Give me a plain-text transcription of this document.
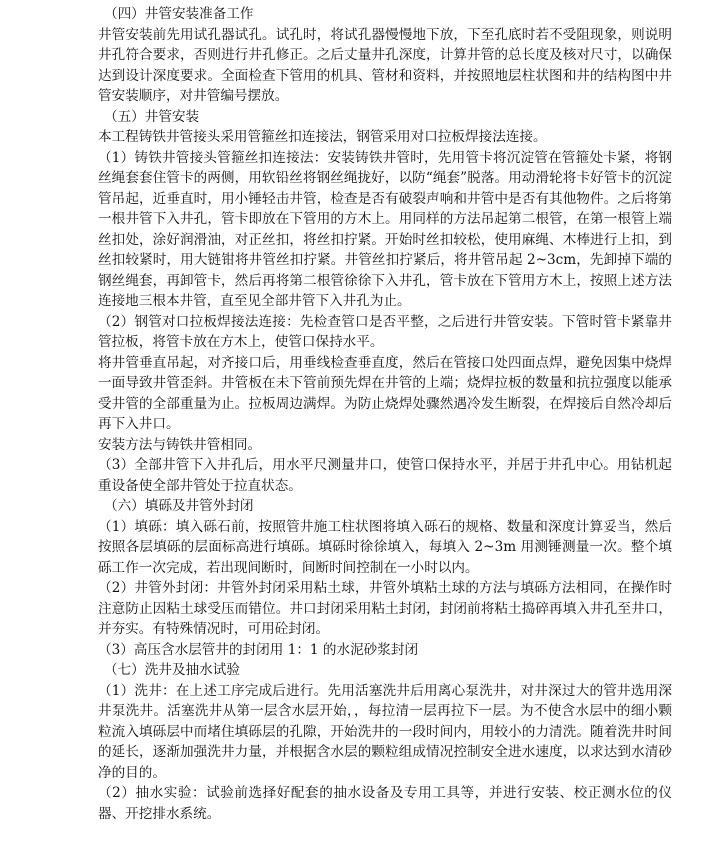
（四）井管安装准备工作

井管安装前先用试孔器试孔。试孔时，将试孔器慢慢地下放，下至孔底时若不受阻现象，则说明井孔符合要求，否则进行井孔修正。之后丈量井孔深度，计算井管的总长度及核对尺寸，以确保达到设计深度要求。全面检查下管用的机具、管材和资料，并按照地层柱状图和井的结构图中井管安装顺序，对井管编号摆放。

（五）井管安装

本工程铸铁井管接头采用管箍丝扣连接法，钢管采用对口拉板焊接法连接。

（1）铸铁井管接头管箍丝扣连接法：安装铸铁井管时，先用管卡将沉淀管在管箍处卡紧，将钢丝绳套套住管卡的两侧，用软铅丝将钢丝绳拢好，以防“绳套”脱落。用动滑轮将卡好管卡的沉淀管吊起，近垂直时，用小锤轻击井管，检查是否有破裂声响和井管中是否有其他物件。之后将第一根井管下入井孔，管卡即放在下管用的方木上。用同样的方法吊起第二根管，在第一根管上端丝扣处，涂好润滑油，对正丝扣，将丝扣拧紧。开始时丝扣较松，使用麻绳、木棒进行上扣，到丝扣较紧时，用大链钳将井管丝扣拧紧。井管丝扣拧紧后，将井管吊起 2~3cm，先卸掉下端的钢丝绳套，再卸管卡，然后再将第二根管徐徐下入井孔，管卡放在下管用方木上，按照上述方法连接地三根本井管，直至见全部井管下入井孔为止。

（2）钢管对口拉板焊接法连接：先检查管口是否平整，之后进行井管安装。下管时管卡紧靠井管拉板，将管卡放在方木上，使管口保持水平。

将井管垂直吊起，对齐接口后，用垂线检查垂直度，然后在管接口处四面点焊，避免因集中烧焊一面导致井管歪斜。井管板在未下管前预先焊在井管的上端；烧焊拉板的数量和抗拉强度以能承受井管的全部重量为止。拉板周边满焊。为防止烧焊处骤然遇冷发生断裂，在焊接后自然冷却后再下入井口。

安装方法与铸铁井管相同。

（3）全部井管下入井孔后，用水平尺测量井口，使管口保持水平，并居于井孔中心。用钻机起重设备使全部井管处于拉直状态。

（六）填砾及井管外封闭

（1）填砾：填入砾石前，按照管井施工柱状图将填入砾石的规格、数量和深度计算妥当，然后按照各层填砾的层面标高进行填砾。填砾时徐徐填入，每填入 2~3m 用测锤测量一次。整个填砾工作一次完成，若出现间断时，间断时间控制在一小时以内。

（2）井管外封闭：井管外封闭采用粘土球，井管外填粘土球的方法与填砾方法相同，在操作时注意防止因粘土球受压而错位。井口封闭采用粘土封闭，封闭前将粘土捣碎再填入井孔至井口，并夯实。有特殊情况时，可用砼封闭。

（3）高压含水层管井的封闭用 1：1 的水泥砂浆封闭

（七）洗井及抽水试验

（1）洗井：在上述工序完成后进行。先用活塞洗井后用离心泵洗井，对井深过大的管井选用深井泵洗井。活塞洗井从第一层含水层开始，，每拉清一层再拉下一层。为不使含水层中的细小颗粒流入填砾层中而堵住填砾层的孔隙，开始洗井的一段时间内，用较小的力清洗。随着洗井时间的延长，逐渐加强洗井力量，并根据含水层的颗粒组成情况控制安全进水速度，以求达到水清砂净的目的。

（2）抽水实验：试验前选择好配套的抽水设备及专用工具等，并进行安装、校正测水位的仪器、开挖排水系统。
